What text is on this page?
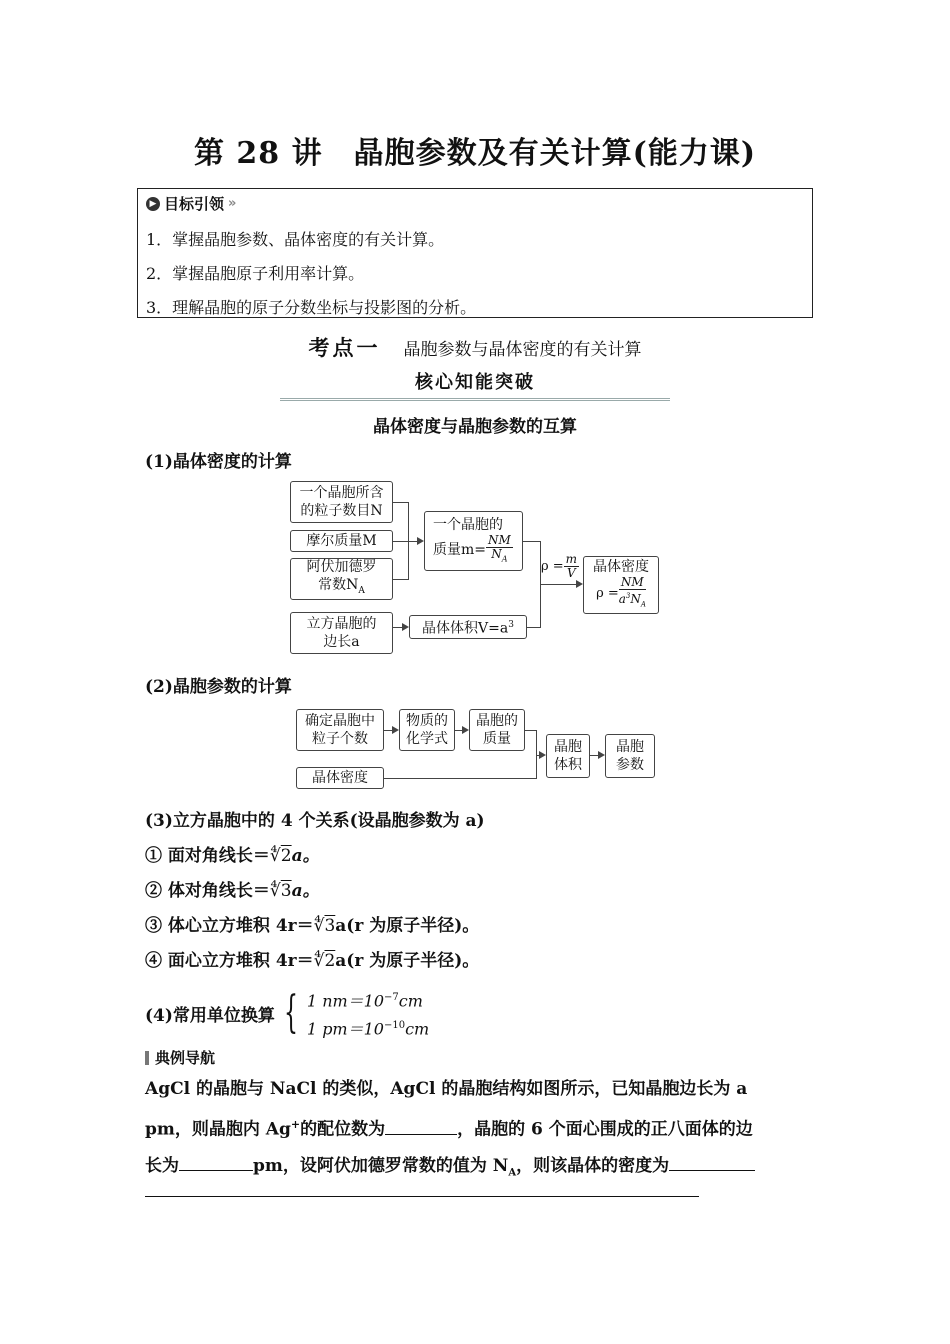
第 28 讲　晶胞参数及有关计算(能力课)
▶ 目标引领 »
1．掌握晶胞参数、晶体密度的有关计算。
2．掌握晶胞原子利用率计算。
3．理解晶胞的原子分数坐标与投影图的分析。
考点一 晶胞参数与晶体密度的有关计算
核心知能突破
晶体密度与晶胞参数的互算
(1)晶体密度的计算
一个晶胞所含
的粒子数目N
摩尔质量M
阿伏加德罗
常数$N_A$
立方晶胞的
边长a
一个晶胞的
质量$m= \frac{NM}{N_A}$
晶体体积$V=a^3$
$\rho = \frac{m}{V}$ 晶体密度
$\rho = \frac{NM}{a^3N_A}$
(2)晶胞参数的计算
确定晶胞中
粒子个数
物质的
化学式
晶胞的
质量
晶体密度
晶胞
体积
晶胞
参数
(3)立方晶胞中的 4 个关系(设晶胞参数为 a)
① 面对角线长＝∜2a。
② 体对角线长＝∜3a。
③ 体心立方堆积 4r＝∜3a(r 为原子半径)。
④ 面心立方堆积 4r＝∜2a(r 为原子半径)。
(4)常用单位换算 { 1 $nm=10^{-7}cm$
1 $pm=10^{-10}cm$
典例导航
AgCl 的晶胞与 NaCl 的类似，AgCl 的晶胞结构如图所示，已知晶胞边长为 a
pm，则晶胞内 Ag+的配位数为	，晶胞的 6 个面心围成的正八面体的边
长为	pm，设阿伏加德罗常数的值为 $N_A$，则该晶体的密度为
